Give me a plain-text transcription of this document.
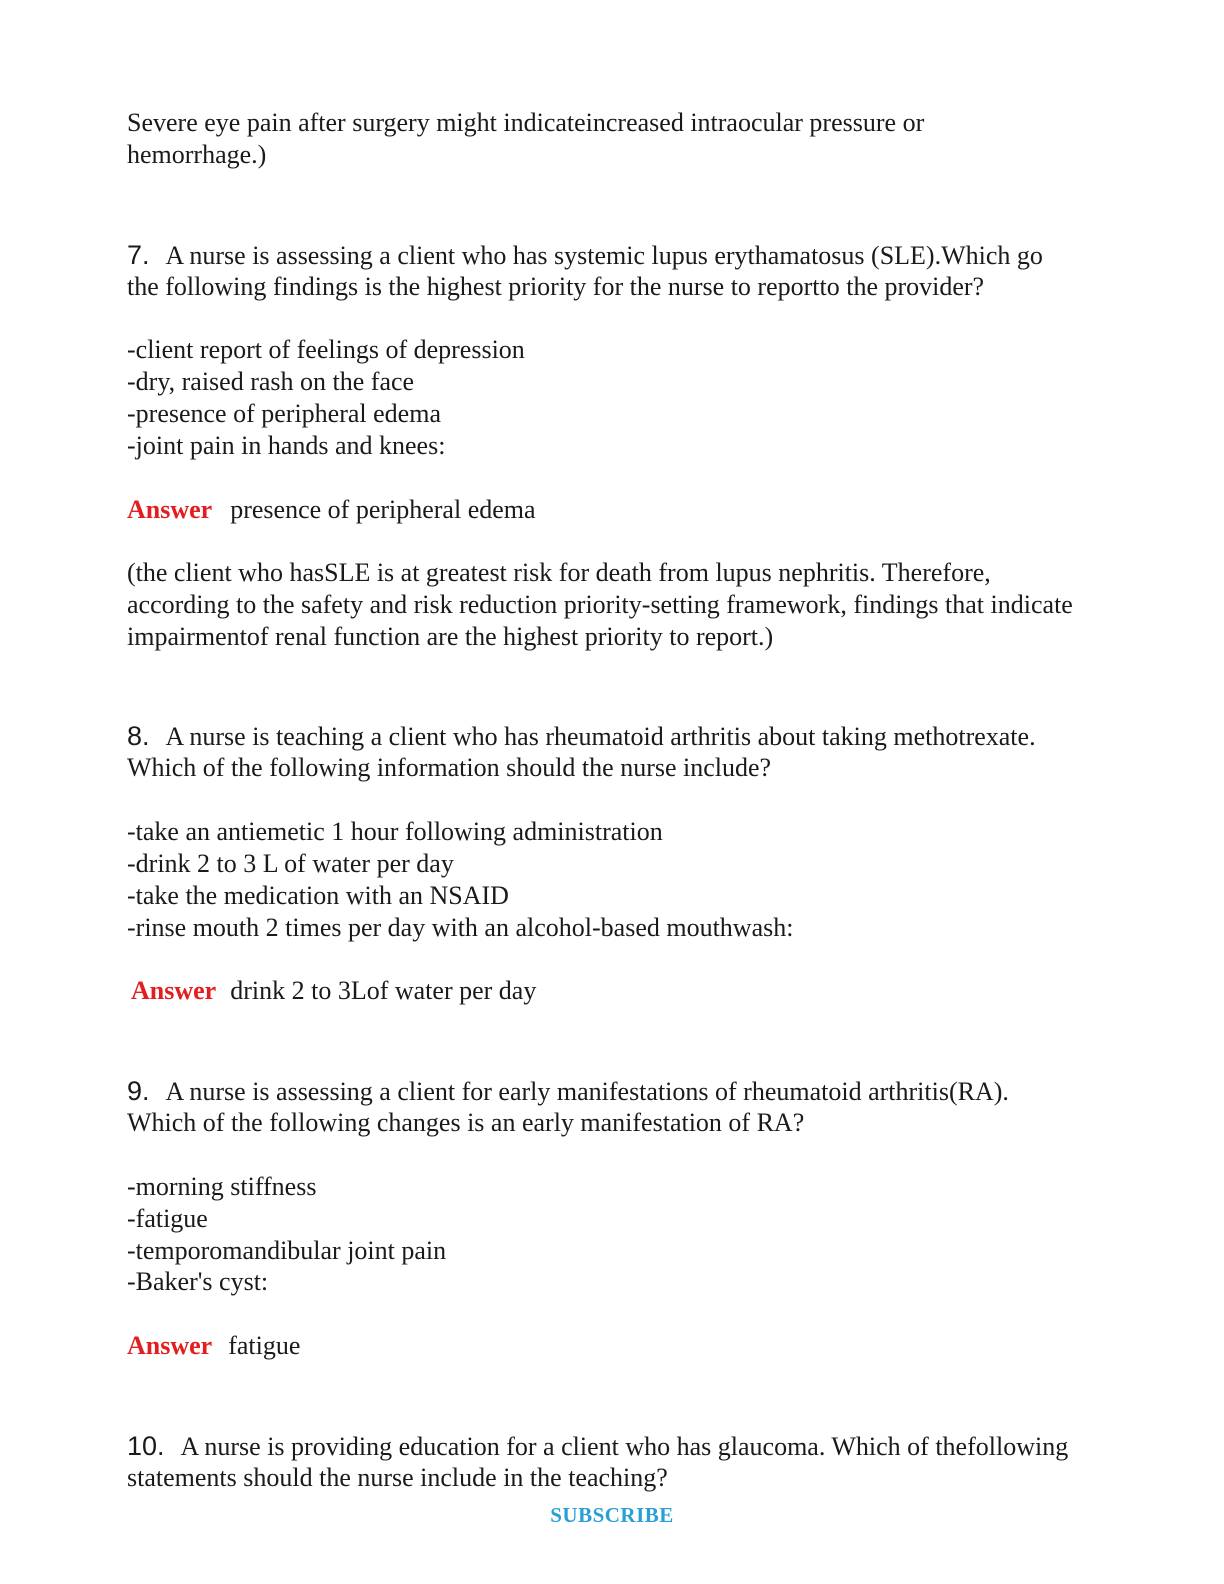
Severe eye pain after surgery might indicateincreased intraocular pressure or
hemorrhage.)
7. A nurse is assessing a client who has systemic lupus erythamatosus (SLE).Which go
the following findings is the highest priority for the nurse to reportto the provider?
-client report of feelings of depression
-dry, raised rash on the face
-presence of peripheral edema
-joint pain in hands and knees:
Answer presence of peripheral edema
(the client who hasSLE is at greatest risk for death from lupus nephritis. Therefore,
according to the safety and risk reduction priority-setting framework, findings that indicate
impairmentof renal function are the highest priority to report.)
8. A nurse is teaching a client who has rheumatoid arthritis about taking methotrexate.
Which of the following information should the nurse include?
-take an antiemetic 1 hour following administration
-drink 2 to 3 L of water per day
-take the medication with an NSAID
-rinse mouth 2 times per day with an alcohol-based mouthwash:
Answer drink 2 to 3Lof water per day
9. A nurse is assessing a client for early manifestations of rheumatoid arthritis(RA).
Which of the following changes is an early manifestation of RA?
-morning stiffness
-fatigue
-temporomandibular joint pain
-Baker's cyst:
Answer fatigue
10. A nurse is providing education for a client who has glaucoma. Which of thefollowing
statements should the nurse include in the teaching?
SUBSCRIBE
